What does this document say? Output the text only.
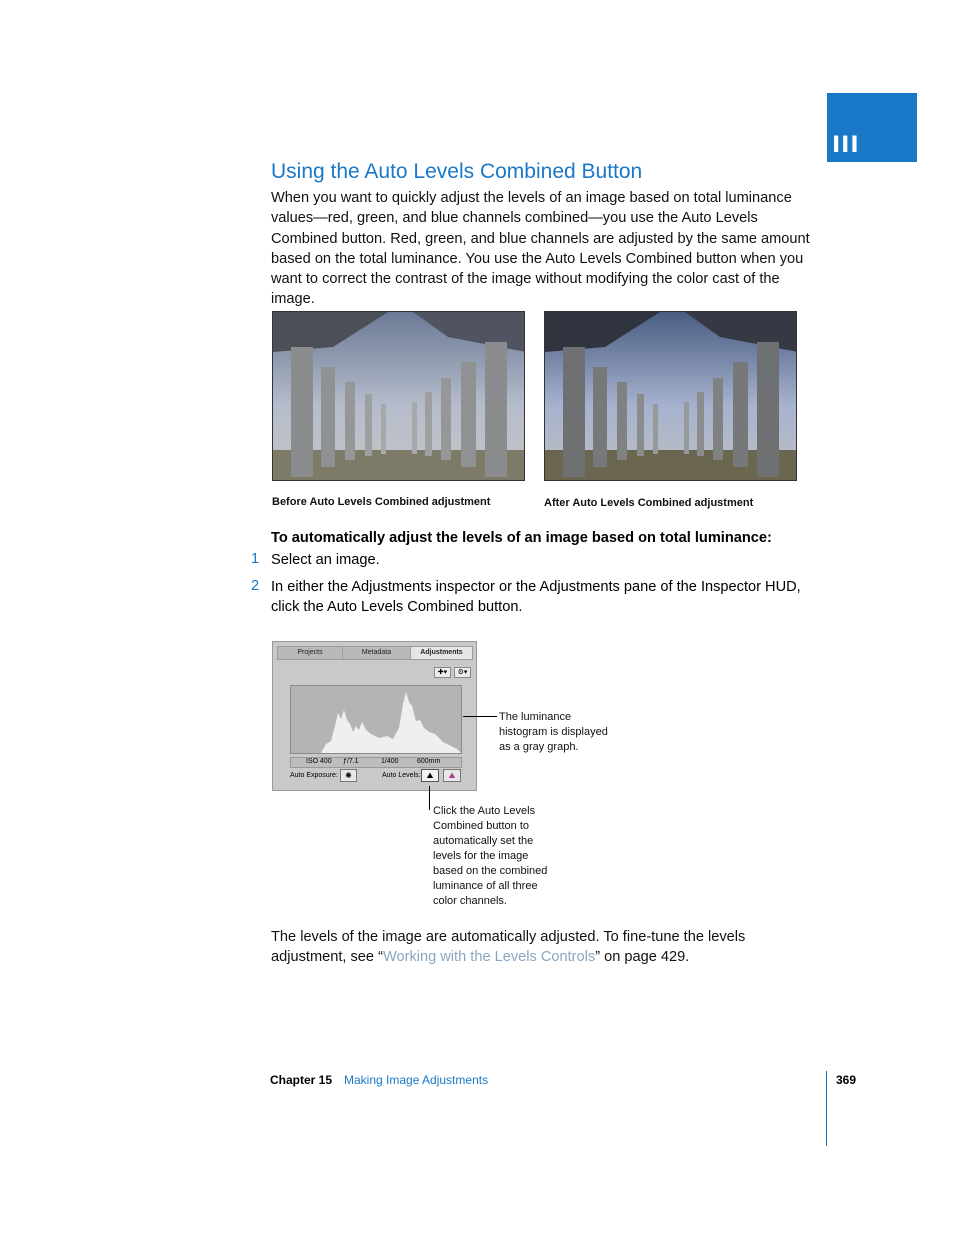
III
Using the Auto Levels Combined Button
When you want to quickly adjust the levels of an image based on total luminance values—red, green, and blue channels combined—you use the Auto Levels Combined button. Red, green, and blue channels are adjusted by the same amount based on the total luminance. You use the Auto Levels Combined button when you want to correct the contrast of the image without modifying the color cast of the image.
Before Auto Levels Combined adjustment	After Auto Levels Combined adjustment
To automatically adjust the levels of an image based on total luminance:
1 Select an image.
2 In either the Adjustments inspector or the Adjustments pane of the Inspector HUD, click the Auto Levels Combined button.
Projects	Metadata	Adjustments
✚▾	⚙▾
ISO 400 ƒ/7.1	1/400	600mm
Auto Exposure: ✺	Auto Levels: ⛰	⛰
The luminance histogram is displayed as a gray graph.
Click the Auto Levels Combined button to automatically set the levels for the image based on the combined luminance of all three color channels.
The levels of the image are automatically adjusted. To fine-tune the levels adjustment, see “Working with the Levels Controls” on page 429.
Chapter 15 Making Image Adjustments	369
